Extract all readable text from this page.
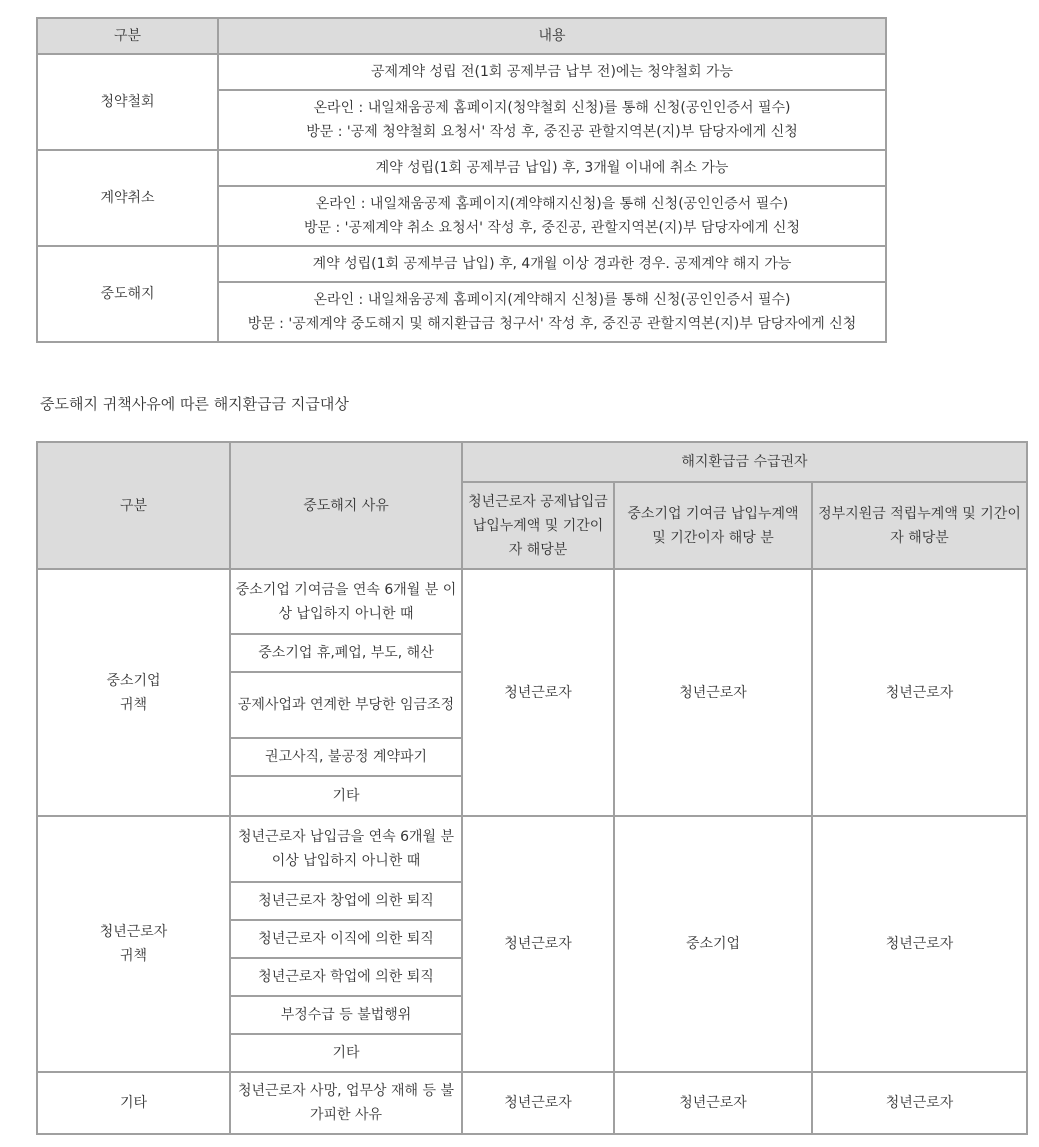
구분	내용
청약철회	공제계약 성립 전(1회 공제부금 납부 전)에는 청약철회 가능

	온라인 : 내일채움공제 홈페이지(청약철회 신청)를 통해 신청(공인인증서 필수)
방문 : '공제 청약철회 요청서' 작성 후, 중진공 관할지역본(지)부 담당자에게 신청

계약취소	계약 성립(1회 공제부금 납입) 후, 3개월 이내에 취소 가능

	온라인 : 내일채움공제 홈페이지(계약해지신청)을 통해 신청(공인인증서 필수)
방문 : '공제계약 취소 요청서' 작성 후, 중진공, 관할지역본(지)부 담당자에게 신청

중도해지	계약 성립(1회 공제부금 납입) 후, 4개월 이상 경과한 경우. 공제계약 해지 가능

	온라인 : 내일채움공제 홈페이지(계약해지 신청)를 통해 신청(공인인증서 필수)
방문 : '공제계약 중도해지 및 해지환급금 청구서' 작성 후, 중진공 관할지역본(지)부 담당자에게 신청
중도해지 귀책사유에 따른 해지환급금 지급대상
구분	중도해지 사유	해지환급금 수급권자		
		청년근로자 공제납입금 납입누계액 및 기간이자 해당분	중소기업 기여금 납입누계액 및 기간이자 해당 분	정부지원금 적립누계액 및 기간이자 해당분

중소기업
귀책	중소기업 기여금을 연속 6개월 분 이상 납입하지 아니한 때	청년근로자	청년근로자	청년근로자
	중소기업 휴,폐업, 부도, 해산			
	공제사업과 연계한 부당한 임금조정			
	권고사직, 불공정 계약파기			
	기타			

청년근로자
귀책	청년근로자 납입금을 연속 6개월 분 이상 납입하지 아니한 때	청년근로자	중소기업	청년근로자
	청년근로자 창업에 의한 퇴직			
	청년근로자 이직에 의한 퇴직			
	청년근로자 학업에 의한 퇴직			
	부정수급 등 불법행위			
	기타			

기타	청년근로자 사망, 업무상 재해 등 불가피한 사유	청년근로자	청년근로자	청년근로자
